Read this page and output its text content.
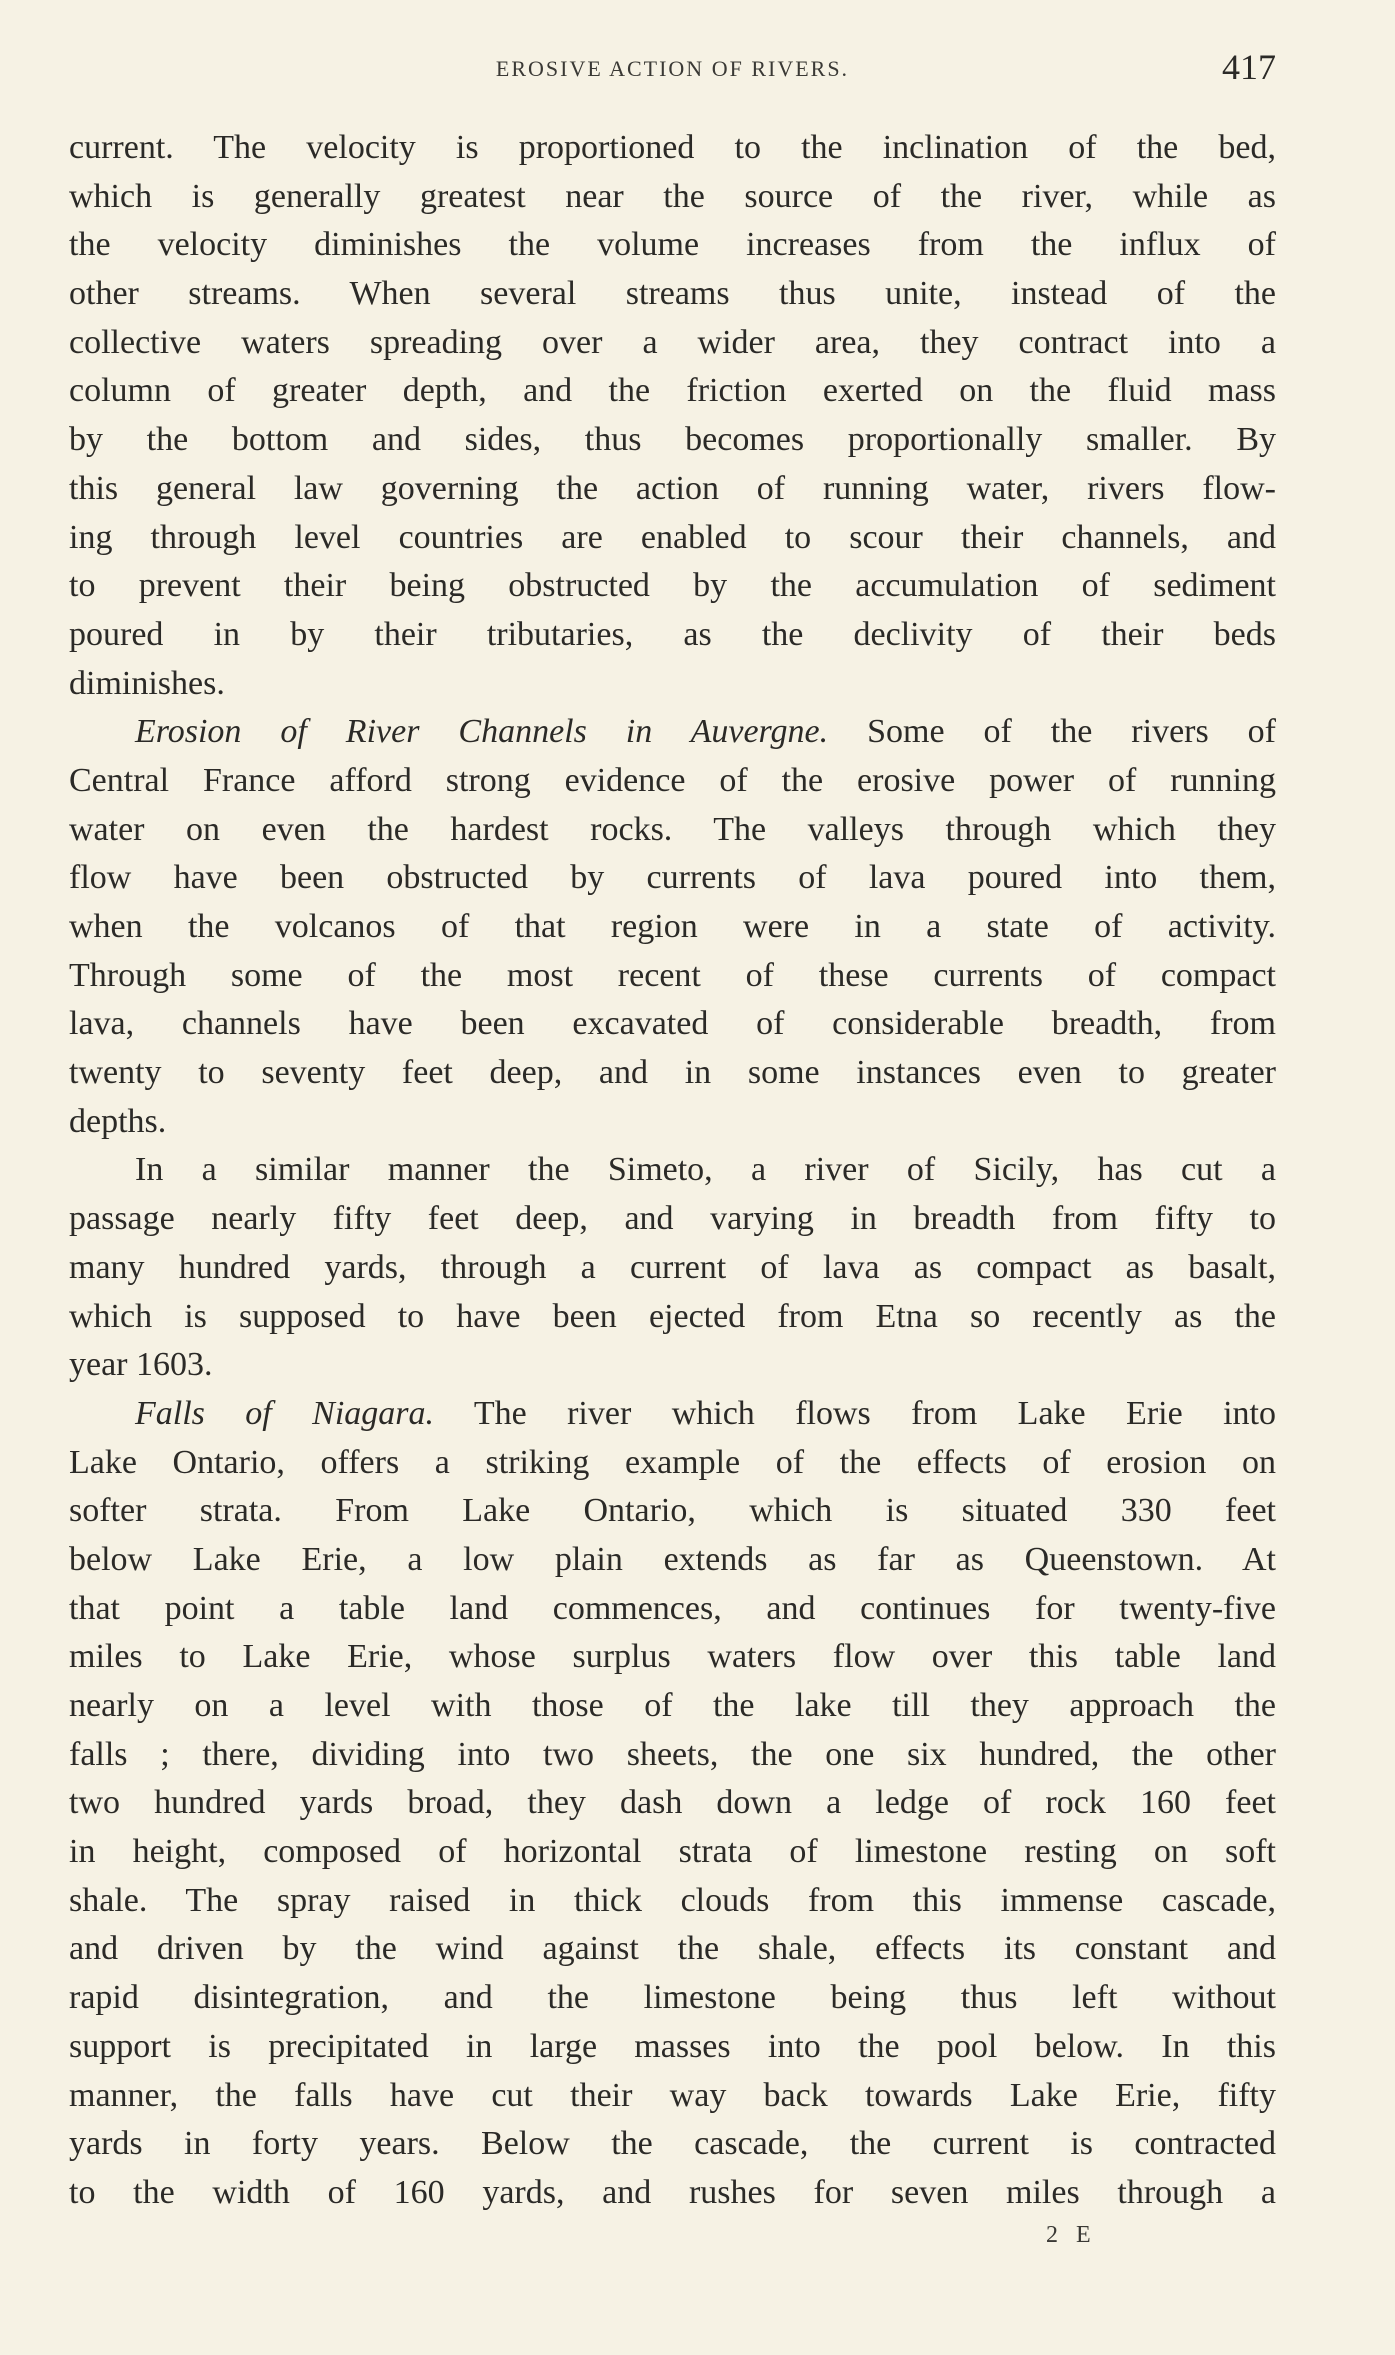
EROSIVE ACTION OF RIVERS.	417
current. The velocity is proportioned to the inclination of the bed,
which is generally greatest near the source of the river, while as
the velocity diminishes the volume increases from the influx of
other streams. When several streams thus unite, instead of the
collective waters spreading over a wider area, they contract into a
column of greater depth, and the friction exerted on the fluid mass
by the bottom and sides, thus becomes proportionally smaller. By
this general law governing the action of running water, rivers flow-
ing through level countries are enabled to scour their channels, and
to prevent their being obstructed by the accumulation of sediment
poured in by their tributaries, as the declivity of their beds
diminishes.
Erosion of River Channels in Auvergne. Some of the rivers of
Central France afford strong evidence of the erosive power of running
water on even the hardest rocks. The valleys through which they
flow have been obstructed by currents of lava poured into them,
when the volcanos of that region were in a state of activity.
Through some of the most recent of these currents of compact
lava, channels have been excavated of considerable breadth, from
twenty to seventy feet deep, and in some instances even to greater
depths.
In a similar manner the Simeto, a river of Sicily, has cut a
passage nearly fifty feet deep, and varying in breadth from fifty to
many hundred yards, through a current of lava as compact as basalt,
which is supposed to have been ejected from Etna so recently as the
year 1603.
Falls of Niagara. The river which flows from Lake Erie into
Lake Ontario, offers a striking example of the effects of erosion on
softer strata. From Lake Ontario, which is situated 330 feet
below Lake Erie, a low plain extends as far as Queenstown. At
that point a table land commences, and continues for twenty-five
miles to Lake Erie, whose surplus waters flow over this table land
nearly on a level with those of the lake till they approach the
falls ; there, dividing into two sheets, the one six hundred, the other
two hundred yards broad, they dash down a ledge of rock 160 feet
in height, composed of horizontal strata of limestone resting on soft
shale. The spray raised in thick clouds from this immense cascade,
and driven by the wind against the shale, effects its constant and
rapid disintegration, and the limestone being thus left without
support is precipitated in large masses into the pool below. In this
manner, the falls have cut their way back towards Lake Erie, fifty
yards in forty years. Below the cascade, the current is contracted
to the width of 160 yards, and rushes for seven miles through a
2 E
